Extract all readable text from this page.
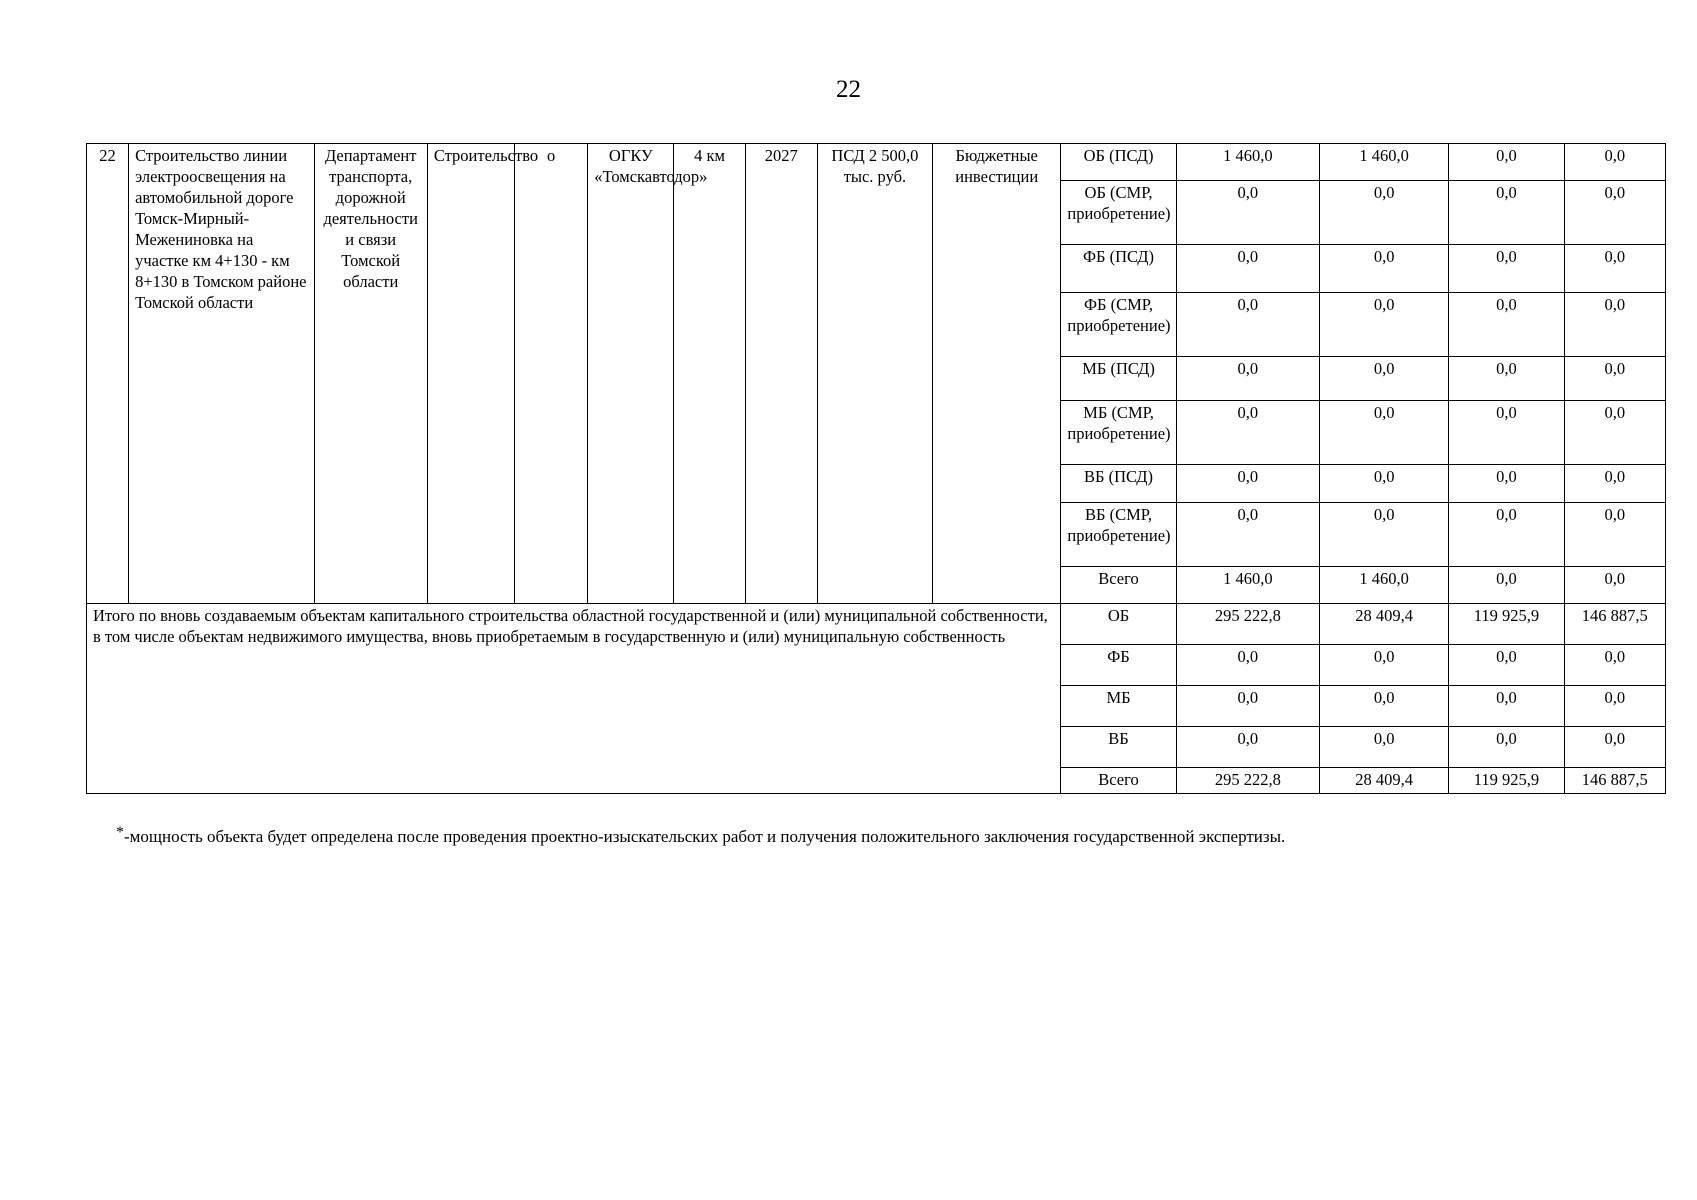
22
22	Строительство линии электроосвещения на автомобильной дороге Томск-Мирный-Межениновка на участке км 4+130 - км 8+130 в Томском районе Томской области	Департамент транспорта, дорожной деятельности и связи Томской области	Строительство	о	ОГКУ «Томскавтодор»	4 км	2027	ПСД 2 500,0 тыс. руб.	Бюджетные инвестиции	ОБ (ПСД)	1 460,0	1 460,0	0,0	0,0
										ОБ (СМР, приобретение)	0,0	0,0	0,0	0,0
										ФБ (ПСД)	0,0	0,0	0,0	0,0
										ФБ (СМР, приобретение)	0,0	0,0	0,0	0,0
										МБ (ПСД)	0,0	0,0	0,0	0,0
										МБ (СМР, приобретение)	0,0	0,0	0,0	0,0
										ВБ (ПСД)	0,0	0,0	0,0	0,0
										ВБ (СМР, приобретение)	0,0	0,0	0,0	0,0
										Всего	1 460,0	1 460,0	0,0	0,0
Итого по вновь создаваемым объектам капитального строительства областной государственной и (или) муниципальной собственности, в том числе объектам недвижимого имущества, вновь приобретаемым в государственную и (или) муниципальную собственность										ОБ	295 222,8	28 409,4	119 925,9	146 887,5
										ФБ	0,0	0,0	0,0	0,0
										МБ	0,0	0,0	0,0	0,0
										ВБ	0,0	0,0	0,0	0,0
										Всего	295 222,8	28 409,4	119 925,9	146 887,5
*-мощность объекта будет определена после проведения проектно-изыскательских работ и получения положительного заключения государственной экспертизы.
